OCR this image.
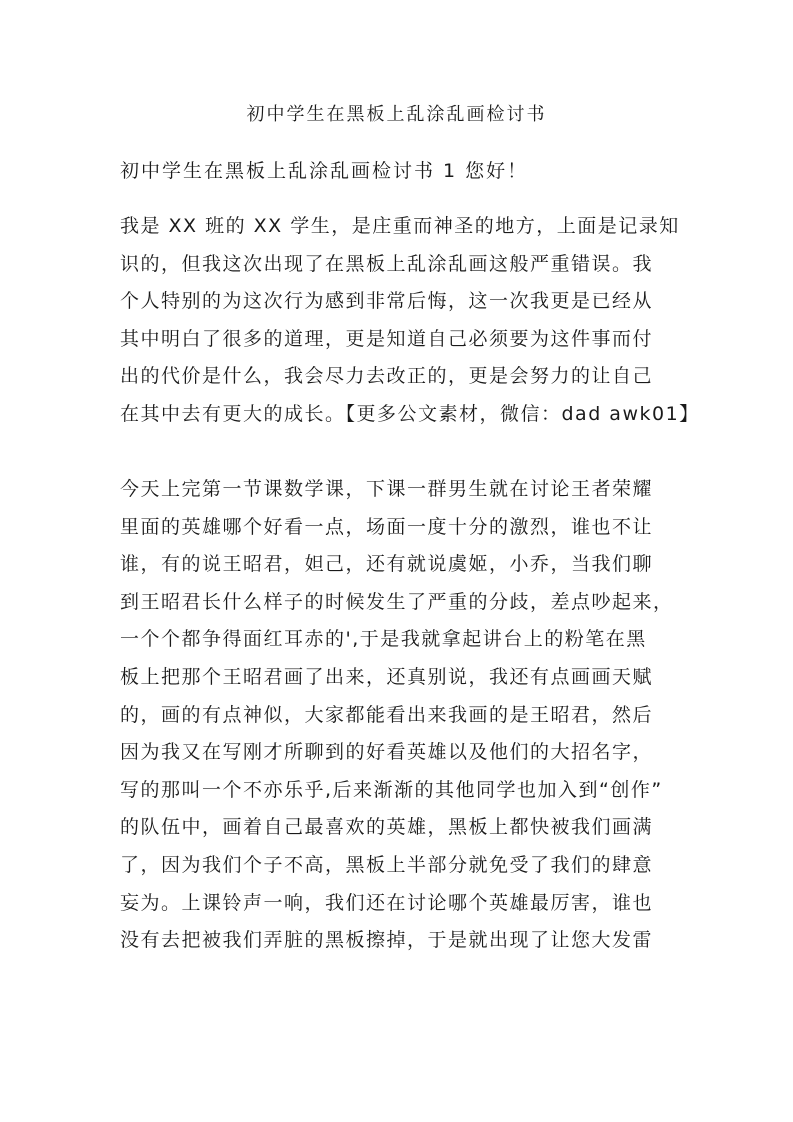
初中学生在黑板上乱涂乱画检讨书
初中学生在黑板上乱涂乱画检讨书 1 您好！
我是 XX 班的 XX 学生，是庄重而神圣的地方，上面是记录知
识的，但我这次出现了在黑板上乱涂乱画这般严重错误。我
个人特别的为这次行为感到非常后悔，这一次我更是已经从
其中明白了很多的道理，更是知道自己必须要为这件事而付
出的代价是什么，我会尽力去改正的，更是会努力的让自己
在其中去有更大的成长。【更多公文素材，微信：dad awk01】
今天上完第一节课数学课，下课一群男生就在讨论王者荣耀
里面的英雄哪个好看一点，场面一度十分的激烈，谁也不让
谁，有的说王昭君，妲己，还有就说虞姬，小乔，当我们聊
到王昭君长什么样子的时候发生了严重的分歧，差点吵起来，
一个个都争得面红耳赤的',于是我就拿起讲台上的粉笔在黑
板上把那个王昭君画了出来，还真别说，我还有点画画天赋
的，画的有点神似，大家都能看出来我画的是王昭君，然后
因为我又在写刚才所聊到的好看英雄以及他们的大招名字，
写的那叫一个不亦乐乎,后来渐渐的其他同学也加入到“创作”
的队伍中，画着自己最喜欢的英雄，黑板上都快被我们画满
了，因为我们个子不高，黑板上半部分就免受了我们的肆意
妄为。上课铃声一响，我们还在讨论哪个英雄最厉害，谁也
没有去把被我们弄脏的黑板擦掉，于是就出现了让您大发雷
